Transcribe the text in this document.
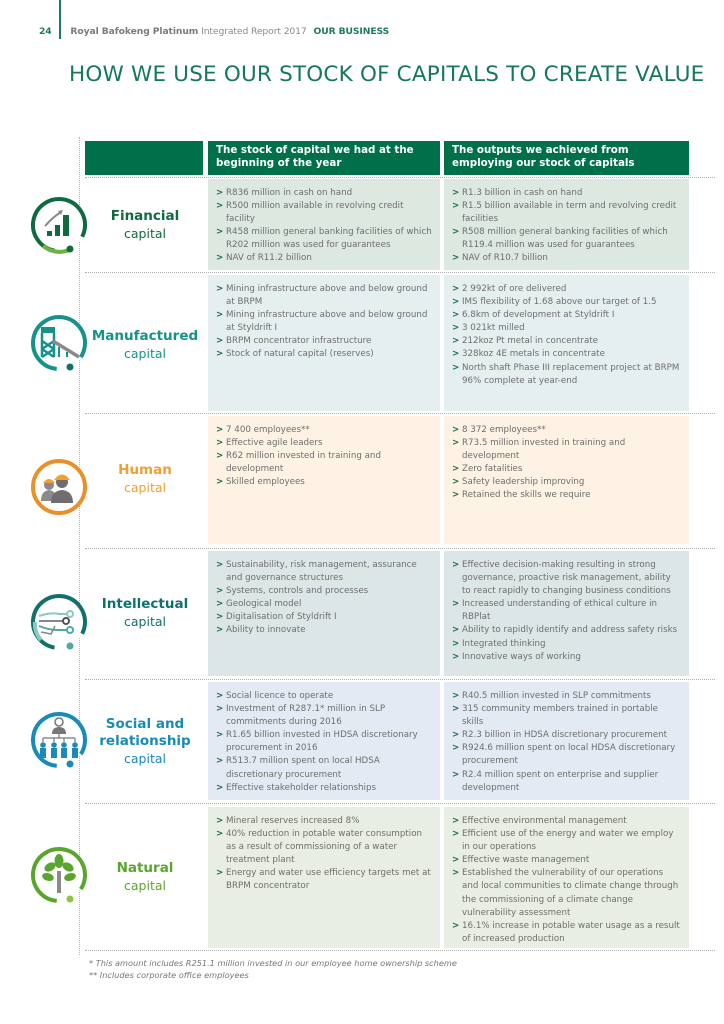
24 Royal Bafokeng Platinum Integrated Report 2017 OUR BUSINESS
HOW WE USE OUR STOCK OF CAPITALS TO CREATE VALUE
The stock of capital we had at the beginning of the year
The outputs we achieved from employing our stock of capitals
Financial
capital
> R836 million in cash on hand
> R500 million available in revolving credit facility
> R458 million general banking facilities of which R202 million was used for guarantees
> NAV of R11.2 billion
> R1.3 billion in cash on hand
> R1.5 billion available in term and revolving credit facilities
> R508 million general banking facilities of which R119.4 million was used for guarantees
> NAV of R10.7 billion
Manufactured
capital
> Mining infrastructure above and below ground at BRPM
> Mining infrastructure above and below ground at Styldrift I
> BRPM concentrator infrastructure
> Stock of natural capital (reserves)
> 2 992kt of ore delivered
> IMS flexibility of 1.68 above our target of 1.5
> 6.8km of development at Styldrift I
> 3 021kt milled
> 212koz Pt metal in concentrate
> 328koz 4E metals in concentrate
> North shaft Phase III replacement project at BRPM 96% complete at year-end
Human
capital
> 7 400 employees**
> Effective agile leaders
> R62 million invested in training and development
> Skilled employees
> 8 372 employees**
> R73.5 million invested in training and development
> Zero fatalities
> Safety leadership improving
> Retained the skills we require
Intellectual
capital
> Sustainability, risk management, assurance and governance structures
> Systems, controls and processes
> Geological model
> Digitalisation of Styldrift I
> Ability to innovate
> Effective decision-making resulting in strong governance, proactive risk management, ability to react rapidly to changing business conditions
> Increased understanding of ethical culture in RBPlat
> Ability to rapidly identify and address safety risks
> Integrated thinking
> Innovative ways of working
Social and relationship
capital
> Social licence to operate
> Investment of R287.1* million in SLP commitments during 2016
> R1.65 billion invested in HDSA discretionary procurement in 2016
> R513.7 million spent on local HDSA discretionary procurement
> Effective stakeholder relationships
> R40.5 million invested in SLP commitments
> 315 community members trained in portable skills
> R2.3 billion in HDSA discretionary procurement
> R924.6 million spent on local HDSA discretionary procurement
> R2.4 million spent on enterprise and supplier development
Natural
capital
> Mineral reserves increased 8%
> 40% reduction in potable water consumption as a result of commissioning of a water treatment plant
> Energy and water use efficiency targets met at BRPM concentrator
> Effective environmental management
> Efficient use of the energy and water we employ in our operations
> Effective waste management
> Established the vulnerability of our operations and local communities to climate change through the commissioning of a climate change vulnerability assessment
> 16.1% increase in potable water usage as a result of increased production
* This amount includes R251.1 million invested in our employee home ownership scheme
** Includes corporate office employees
